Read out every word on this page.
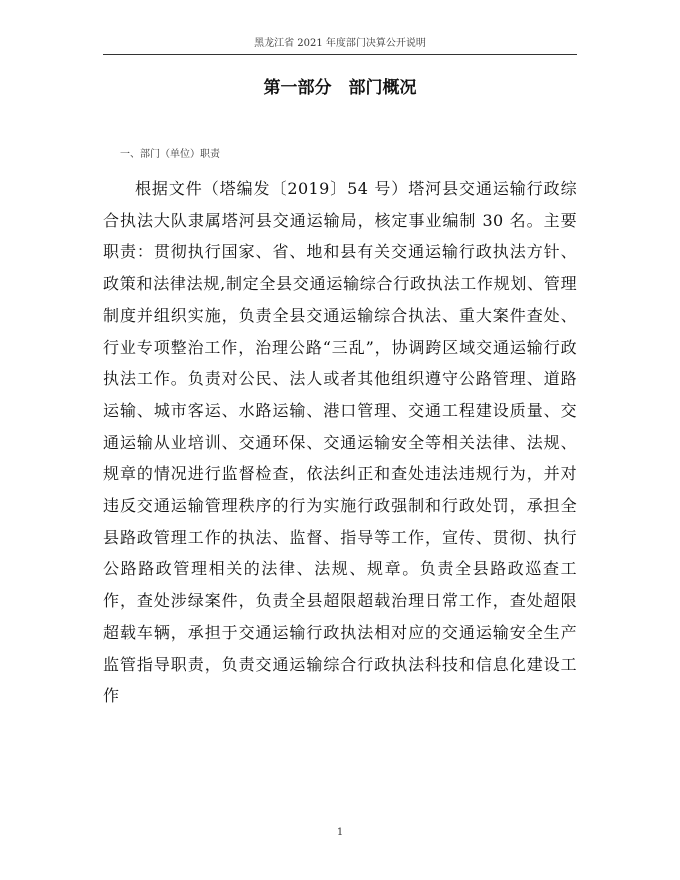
黑龙江省 2021 年度部门决算公开说明
第一部分　部门概况
一、部门（单位）职责

根据文件（塔编发〔2019〕54 号）塔河县交通运输行政综合执法大队隶属塔河县交通运输局，核定事业编制 30 名。主要职责：贯彻执行国家、省、地和县有关交通运输行政执法方针、政策和法律法规,制定全县交通运输综合行政执法工作规划、管理制度并组织实施，负责全县交通运输综合执法、重大案件查处、行业专项整治工作，治理公路“三乱”，协调跨区域交通运输行政执法工作。负责对公民、法人或者其他组织遵守公路管理、道路运输、城市客运、水路运输、港口管理、交通工程建设质量、交通运输从业培训、交通环保、交通运输安全等相关法律、法规、规章的情况进行监督检查，依法纠正和查处违法违规行为，并对违反交通运输管理秩序的行为实施行政强制和行政处罚，承担全县路政管理工作的执法、监督、指导等工作，宣传、贯彻、执行公路路政管理相关的法律、法规、规章。负责全县路政巡查工作，查处涉绿案件，负责全县超限超载治理日常工作，查处超限超载车辆，承担于交通运输行政执法相对应的交通运输安全生产监管指导职责，负责交通运输综合行政执法科技和信息化建设工作

1
